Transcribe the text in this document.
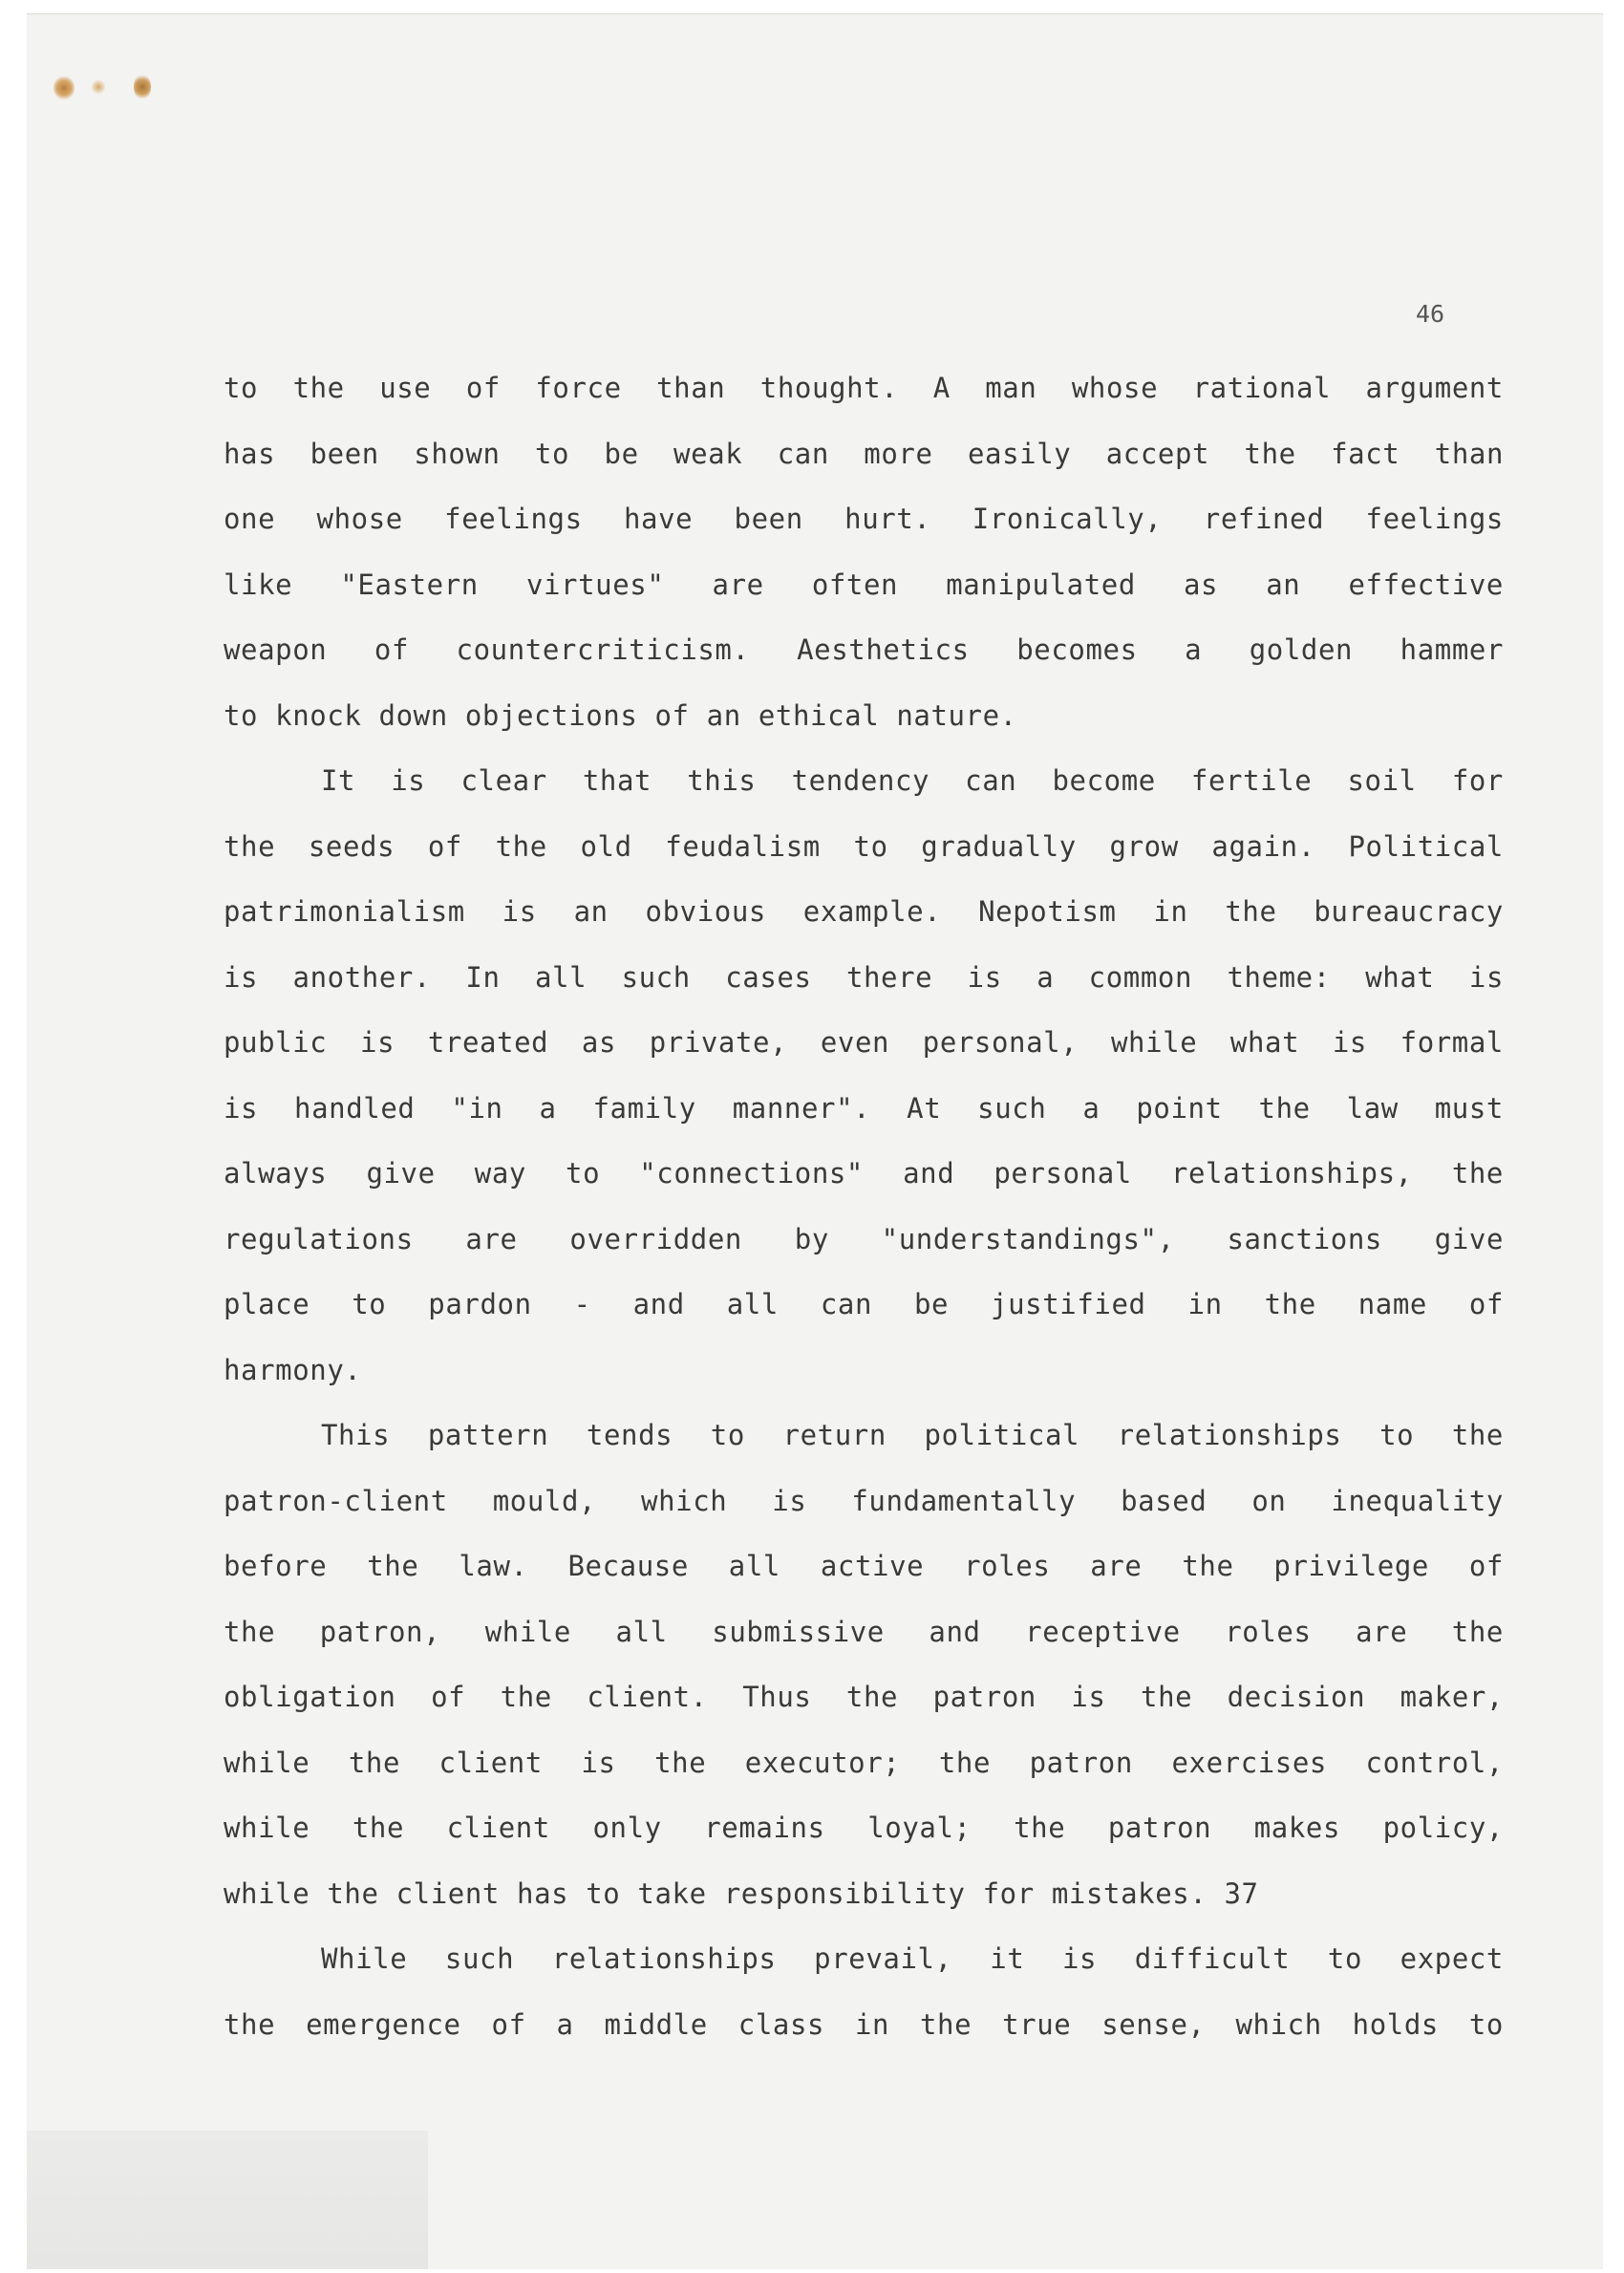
46
to the use of force than thought. A man whose rational argument
has been shown to be weak can more easily accept the fact than
one whose feelings have been hurt. Ironically, refined feelings
like "Eastern virtues" are often manipulated as an effective
weapon of countercriticism. Aesthetics becomes a golden hammer
to knock down objections of an ethical nature.
It is clear that this tendency can become fertile soil for
the seeds of the old feudalism to gradually grow again. Political
patrimonialism is an obvious example. Nepotism in the bureaucracy
is another. In all such cases there is a common theme: what is
public is treated as private, even personal, while what is formal
is handled "in a family manner". At such a point the law must
always give way to "connections" and personal relationships, the
regulations are overridden by "understandings", sanctions give
place to pardon - and all can be justified in the name of
harmony.
This pattern tends to return political relationships to the
patron-client mould, which is fundamentally based on inequality
before the law. Because all active roles are the privilege of
the patron, while all submissive and receptive roles are the
obligation of the client. Thus the patron is the decision maker,
while the client is the executor; the patron exercises control,
while the client only remains loyal; the patron makes policy,
while the client has to take responsibility for mistakes. 37
While such relationships prevail, it is difficult to expect
the emergence of a middle class in the true sense, which holds to
